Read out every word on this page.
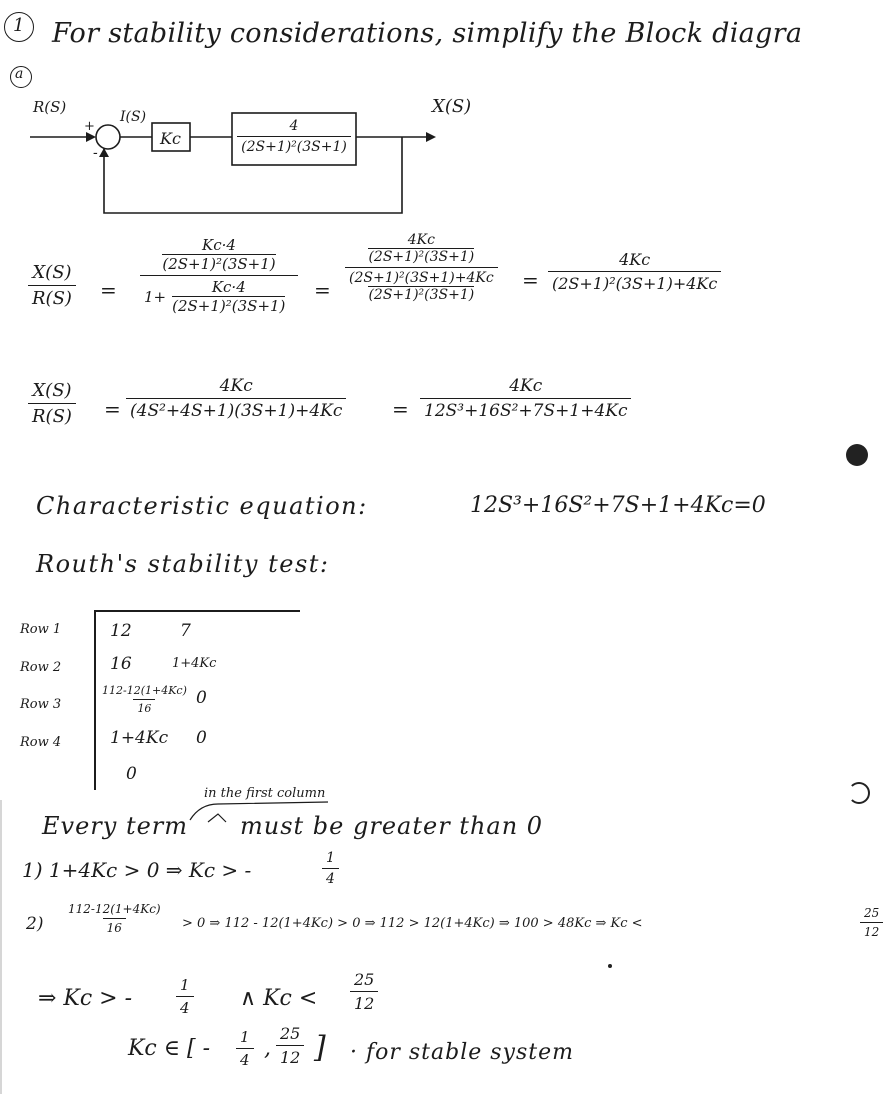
1 For stability considerations, simplify the Block diagra
a
R(S)
I(S)
+
-
Kc	$\frac{4}{\text{(2S+1)²(3S+1)}}$
X(S)
$\frac{X(S)}{R(S)} = \frac{\frac{Kc\cdot 4}{\text{(2S+1)²(3S+1)}}}{1+ \frac{Kc\cdot 4}{\text{(2S+1)²(3S+1)}}} = \frac{\frac{4Kc}{\text{(2S+1)²(3S+1)}}}{\frac{\text{(2S+1)²(3S+1)+4Kc}}{\text{(2S+1)²(3S+1)}}} = \frac{4Kc}{\text{(2S+1)²(3S+1)+4Kc}}$
$\frac{X(S)}{R(S)} = \frac{4Kc}{\text{(4S²+4S+1)(3S+1)+4Kc}} = \frac{4Kc}{\text{12S³+16S²+7S+1+4Kc}}$
Characteristic equation:	12S³+16S²+7S+1+4Kc=0
Routh's stability test:
Row 1	12	7
Row 2	16	1+4Kc
Row 3	$\frac{112-12(1+4Kc)}{16} 0$
Row 4	1+4Kc 0
0
in the first column
Every term must be greater than 0
1) 1+4Kc > 0 ⇒ Kc > -	$\frac{1}{4}$
$2) \frac{112-12(1+4Kc)}{16} > 0$ ⇒ 112 - 12(1+4Kc) > 0 ⇒ 112 > 12(1+4Kc) ⇒ 100 > 48Kc ⇒ Kc <	$\frac{25}{12}$
⇒ Kc > -	$\frac{1}{4}$ ∧ $Kc < \frac{25}{12}$
Kc ∈ [ - $\frac{1}{4}$ , $\frac{25}{12}$ ] · for stable system
